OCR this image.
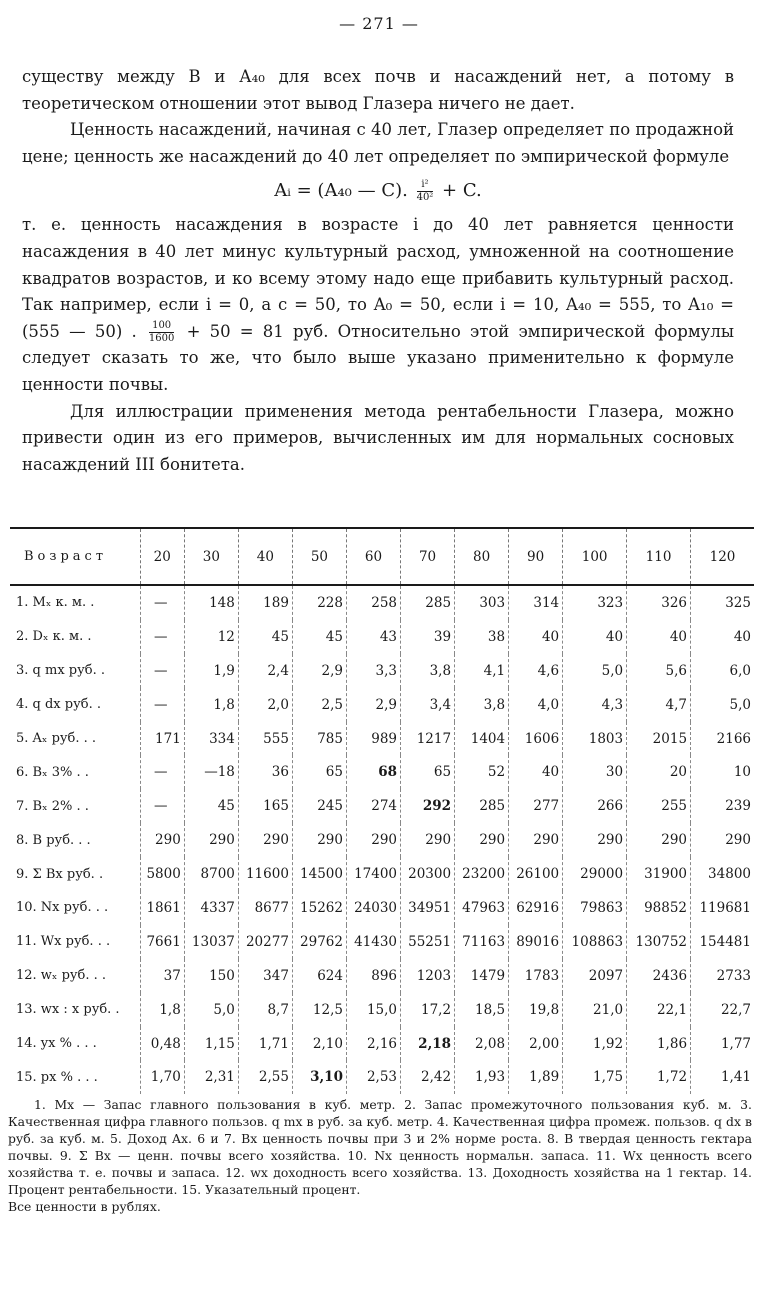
— 271 —

существу между В и А₄₀ для всех почв и насаждений нет, а потому в теоретическом отношении этот вывод Глазера ничего не дает.

Ценность насаждений, начиная с 40 лет, Глазер определяет по продажной цене; ценность же насаждений до 40 лет определяет по эмпирической формуле

Aᵢ = (A₄₀ — C). $\frac{\text{i²}}{\text{40²}} + C$.

т. е. ценность насаждения в возрасте i до 40 лет равняется ценности насаждения в 40 лет минус культурный расход, умноженной на соотношение квадратов возрастов, и ко всему этому надо еще прибавить культурный расход. Так например, если i = 0, а c = 50, то A₀ = 50, если i = 10, A₄₀ = 555, то A₁₀ = (555 — 50) . $\frac{100}{1600} + 50 = 81$ руб. Относительно этой эмпирической формулы следует сказать то же, что было выше указано применительно к формуле ценности почвы.

Для иллюстрации применения метода рентабельности Глазера, можно привести один из его примеров, вычисленных им для нормальных сосновых насаждений III бонитета.

Возраст	20	30	40	50	60	70	80	90	100	110	120
1. Mₓ к. м. .	—	148	189	228	258	285	303	314	323	326	325
2. Dₓ к. м. .	—	12	45	45	43	39	38	40	40	40	40
3. q mx руб. .	—	1,9	2,4	2,9	3,3	3,8	4,1	4,6	5,0	5,6	6,0
4. q dx руб. .	—	1,8	2,0	2,5	2,9	3,4	3,8	4,0	4,3	4,7	5,0
5. Aₓ руб. . .	171	334	555	785	989	1217	1404	1606	1803	2015	2166
6. Bₓ 3% . .	—	—18	36	65	68	65	52	40	30	20	10
7. Bₓ 2% . .	—	45	165	245	274	292	285	277	266	255	239
8. B руб. . .	290	290	290	290	290	290	290	290	290	290	290
9. Σ Bx руб. .	5800	8700	11600	14500	17400	20300	23200	26100	29000	31900	34800
10. Nx руб. . .	1861	4337	8677	15262	24030	34951	47963	62916	79863	98852	119681
11. Wx руб. . .	7661	13037	20277	29762	41430	55251	71163	89016	108863	130752	154481
12. wₓ руб. . .	37	150	347	624	896	1203	1479	1783	2097	2436	2733
13. wx : x руб. .	1,8	5,0	8,7	12,5	15,0	17,2	18,5	19,8	21,0	22,1	22,7
14. yx % . . .	0,48	1,15	1,71	2,10	2,16	2,18	2,08	2,00	1,92	1,86	1,77
15. px % . . .	1,70	2,31	2,55	3,10	2,53	2,42	1,93	1,89	1,75	1,72	1,41

1. Mx — Запас главного пользования в куб. метр. 2. Запас промежуточного пользования куб. м. 3. Качественная цифра главного пользов. q mx в руб. за куб. метр. 4. Качественная цифра промеж. пользов. q dx в руб. за куб. м. 5. Доход Ax. 6 и 7. Bx ценность почвы при 3 и 2% норме роста. 8. B твердая ценность гектара почвы. 9. Σ Bx — ценн. почвы всего хозяйства. 10. Nx ценность нормальн. запаса. 11. Wx ценность всего хозяйства т. е. почвы и запаса. 12. wx доходность всего хозяйства. 13. Доходность хозяйства на 1 гектар. 14. Процент рентабельности. 15. Указательный процент.

Все ценности в рублях.
